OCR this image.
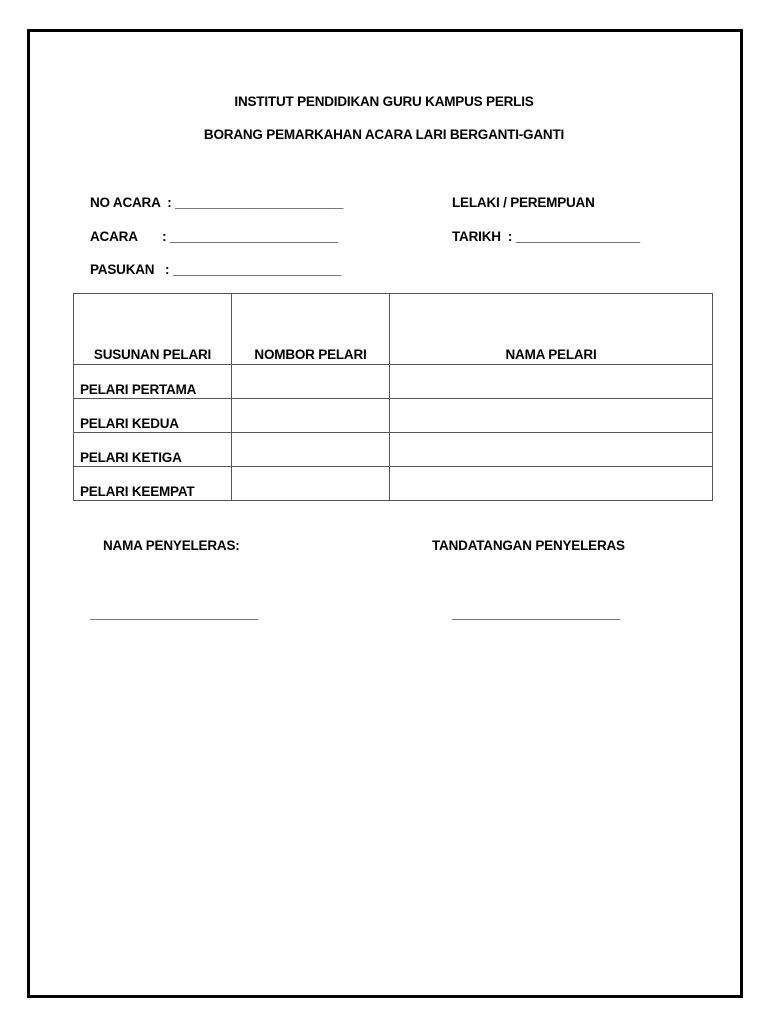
INSTITUT PENDIDIKAN GURU KAMPUS PERLIS
BORANG PEMARKAHAN ACARA LARI BERGANTI-GANTI
NO ACARA  : _______________________
ACARA       : _______________________
PASUKAN   : _______________________
LELAKI / PEREMPUAN
TARIKH  : _________________
SUSUNAN PELARI	NOMBOR PELARI	NAMA PELARI
PELARI PERTAMA		
PELARI KEDUA		
PELARI KETIGA		
PELARI KEEMPAT		
NAMA PENYELERAS:	TANDATANGAN PENYELERAS
_______________________	_______________________
